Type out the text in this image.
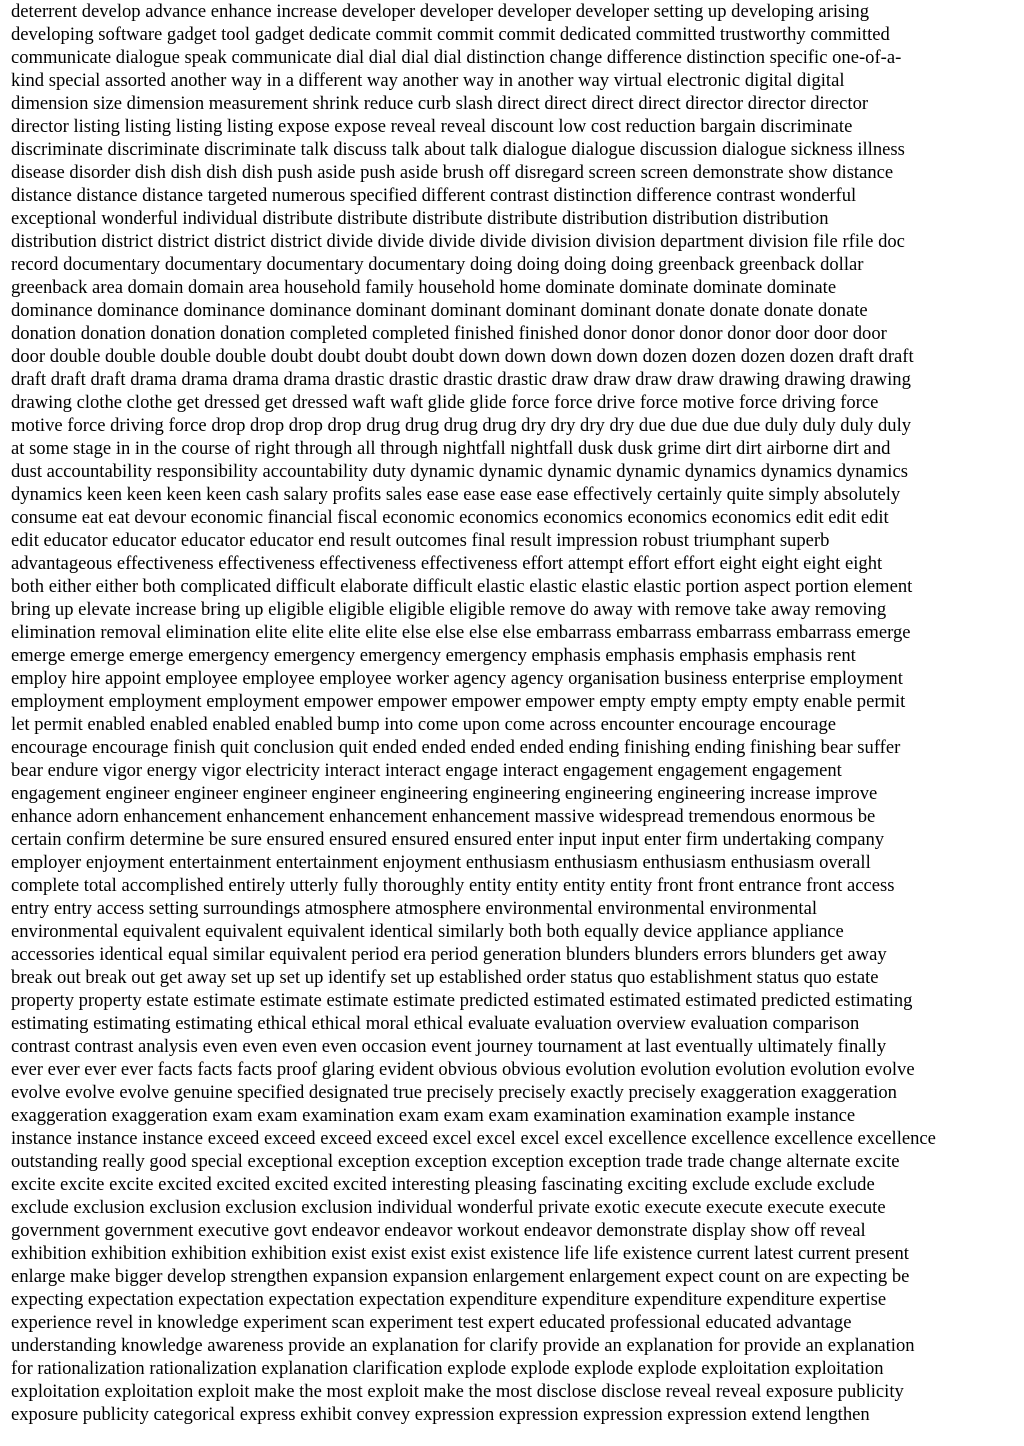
deterrent develop advance enhance increase developer developer developer developer setting up developing arising
developing software gadget tool gadget dedicate commit commit commit dedicated committed trustworthy committed
communicate dialogue speak communicate dial dial dial dial distinction change difference distinction specific one-of-a-
kind special assorted another way in a different way another way in another way virtual electronic digital digital
dimension size dimension measurement shrink reduce curb slash direct direct direct direct director director director
director listing listing listing listing expose expose reveal reveal discount low cost reduction bargain discriminate
discriminate discriminate discriminate talk discuss talk about talk dialogue dialogue discussion dialogue sickness illness
disease disorder dish dish dish dish push aside push aside brush off disregard screen screen demonstrate show distance
distance distance distance targeted numerous specified different contrast distinction difference contrast wonderful
exceptional wonderful individual distribute distribute distribute distribute distribution distribution distribution
distribution district district district district divide divide divide divide division division department division file rfile doc
record documentary documentary documentary documentary doing doing doing doing greenback greenback dollar
greenback area domain domain area household family household home dominate dominate dominate dominate
dominance dominance dominance dominance dominant dominant dominant dominant donate donate donate donate
donation donation donation donation completed completed finished finished donor donor donor donor door door door
door double double double double doubt doubt doubt doubt down down down down dozen dozen dozen dozen draft draft
draft draft draft drama drama drama drama drastic drastic drastic drastic draw draw draw draw drawing drawing drawing
drawing clothe clothe get dressed get dressed waft waft glide glide force force drive force motive force driving force
motive force driving force drop drop drop drop drug drug drug drug dry dry dry dry due due due due duly duly duly duly
at some stage in in the course of right through all through nightfall nightfall dusk dusk grime dirt dirt airborne dirt and
dust accountability responsibility accountability duty dynamic dynamic dynamic dynamic dynamics dynamics dynamics
dynamics keen keen keen keen cash salary profits sales ease ease ease ease effectively certainly quite simply absolutely
consume eat eat devour economic financial fiscal economic economics economics economics economics edit edit edit
edit educator educator educator educator end result outcomes final result impression robust triumphant superb
advantageous effectiveness effectiveness effectiveness effectiveness effort attempt effort effort eight eight eight eight
both either either both complicated difficult elaborate difficult elastic elastic elastic elastic portion aspect portion element
bring up elevate increase bring up eligible eligible eligible eligible remove do away with remove take away removing
elimination removal elimination elite elite elite elite else else else else embarrass embarrass embarrass embarrass emerge
emerge emerge emerge emergency emergency emergency emergency emphasis emphasis emphasis emphasis rent
employ hire appoint employee employee employee worker agency agency organisation business enterprise employment
employment employment employment empower empower empower empower empty empty empty empty enable permit
let permit enabled enabled enabled enabled bump into come upon come across encounter encourage encourage
encourage encourage finish quit conclusion quit ended ended ended ended ending finishing ending finishing bear suffer
bear endure vigor energy vigor electricity interact interact engage interact engagement engagement engagement
engagement engineer engineer engineer engineer engineering engineering engineering engineering increase improve
enhance adorn enhancement enhancement enhancement enhancement massive widespread tremendous enormous be
certain confirm determine be sure ensured ensured ensured ensured enter input input enter firm undertaking company
employer enjoyment entertainment entertainment enjoyment enthusiasm enthusiasm enthusiasm enthusiasm overall
complete total accomplished entirely utterly fully thoroughly entity entity entity entity front front entrance front access
entry entry access setting surroundings atmosphere atmosphere environmental environmental environmental
environmental equivalent equivalent equivalent identical similarly both both equally device appliance appliance
accessories identical equal similar equivalent period era period generation blunders blunders errors blunders get away
break out break out get away set up set up identify set up established order status quo establishment status quo estate
property property estate estimate estimate estimate estimate predicted estimated estimated estimated predicted estimating
estimating estimating estimating ethical ethical moral ethical evaluate evaluation overview evaluation comparison
contrast contrast analysis even even even even occasion event journey tournament at last eventually ultimately finally
ever ever ever ever facts facts facts proof glaring evident obvious obvious evolution evolution evolution evolution evolve
evolve evolve evolve genuine specified designated true precisely precisely exactly precisely exaggeration exaggeration
exaggeration exaggeration exam exam examination exam exam exam examination examination example instance
instance instance instance exceed exceed exceed exceed excel excel excel excel excellence excellence excellence excellence
outstanding really good special exceptional exception exception exception exception trade trade change alternate excite
excite excite excite excited excited excited excited interesting pleasing fascinating exciting exclude exclude exclude
exclude exclusion exclusion exclusion exclusion individual wonderful private exotic execute execute execute execute
government government executive govt endeavor endeavor workout endeavor demonstrate display show off reveal
exhibition exhibition exhibition exhibition exist exist exist exist existence life life existence current latest current present
enlarge make bigger develop strengthen expansion expansion enlargement enlargement expect count on are expecting be
expecting expectation expectation expectation expectation expenditure expenditure expenditure expenditure expertise
experience revel in knowledge experiment scan experiment test expert educated professional educated advantage
understanding knowledge awareness provide an explanation for clarify provide an explanation for provide an explanation
for rationalization rationalization explanation clarification explode explode explode explode exploitation exploitation
exploitation exploitation exploit make the most exploit make the most disclose disclose reveal reveal exposure publicity
exposure publicity categorical express exhibit convey expression expression expression expression extend lengthen
